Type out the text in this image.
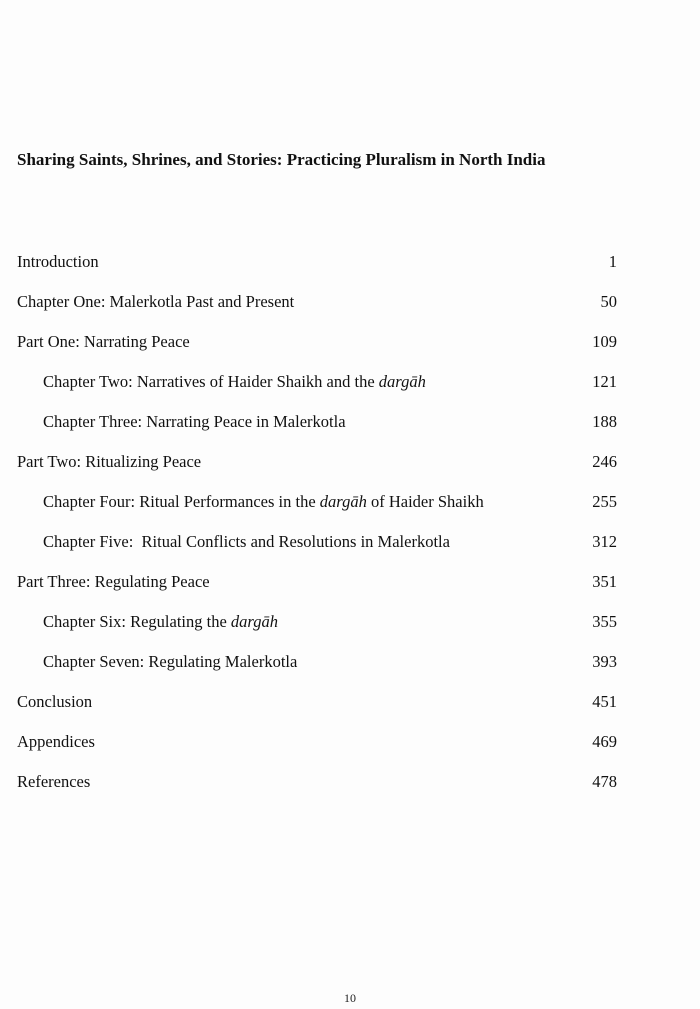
Sharing Saints, Shrines, and Stories: Practicing Pluralism in North India
Introduction	1
Chapter One: Malerkotla Past and Present	50
Part One: Narrating Peace	109
Chapter Two: Narratives of Haider Shaikh and the dargāh	121
Chapter Three: Narrating Peace in Malerkotla	188
Part Two: Ritualizing Peace	246
Chapter Four: Ritual Performances in the dargāh of Haider Shaikh	255
Chapter Five:  Ritual Conflicts and Resolutions in Malerkotla	312
Part Three: Regulating Peace	351
Chapter Six: Regulating the dargāh	355
Chapter Seven: Regulating Malerkotla	393
Conclusion	451
Appendices	469
References	478
10
